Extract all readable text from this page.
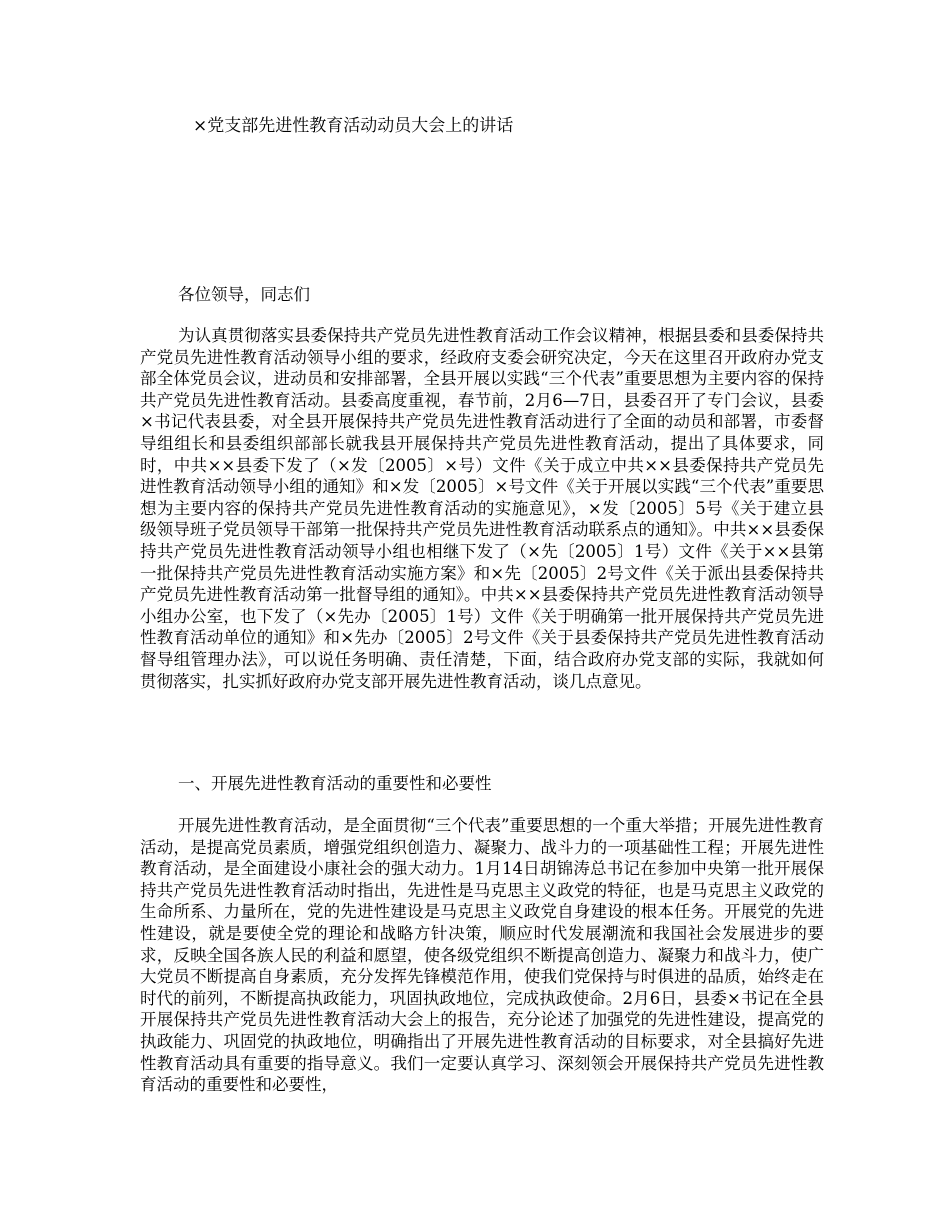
×党支部先进性教育活动动员大会上的讲话

各位领导，同志们

为认真贯彻落实县委保持共产党员先进性教育活动工作会议精神，根据县委和县委保持共产党员先进性教育活动领导小组的要求，经政府支委会研究决定，今天在这里召开政府办党支部全体党员会议，进动员和安排部署，全县开展以实践“三个代表”重要思想为主要内容的保持共产党员先进性教育活动。县委高度重视，春节前，2月6—7日，县委召开了专门会议，县委×书记代表县委，对全县开展保持共产党员先进性教育活动进行了全面的动员和部署，市委督导组组长和县委组织部部长就我县开展保持共产党员先进性教育活动，提出了具体要求，同时，中共××县委下发了（×发〔2005〕×号）文件《关于成立中共××县委保持共产党员先进性教育活动领导小组的通知》和×发〔2005〕×号文件《关于开展以实践“三个代表”重要思想为主要内容的保持共产党员先进性教育活动的实施意见》，×发〔2005〕5号《关于建立县级领导班子党员领导干部第一批保持共产党员先进性教育活动联系点的通知》。中共××县委保持共产党员先进性教育活动领导小组也相继下发了（×先〔2005〕1号）文件《关于××县第一批保持共产党员先进性教育活动实施方案》和×先〔2005〕2号文件《关于派出县委保持共产党员先进性教育活动第一批督导组的通知》。中共××县委保持共产党员先进性教育活动领导小组办公室，也下发了（×先办〔2005〕1号）文件《关于明确第一批开展保持共产党员先进性教育活动单位的通知》和×先办〔2005〕2号文件《关于县委保持共产党员先进性教育活动督导组管理办法》，可以说任务明确、责任清楚，下面，结合政府办党支部的实际，我就如何贯彻落实，扎实抓好政府办党支部开展先进性教育活动，谈几点意见。

一、开展先进性教育活动的重要性和必要性

开展先进性教育活动，是全面贯彻“三个代表”重要思想的一个重大举措；开展先进性教育活动，是提高党员素质，增强党组织创造力、凝聚力、战斗力的一项基础性工程；开展先进性教育活动，是全面建设小康社会的强大动力。1月14日胡锦涛总书记在参加中央第一批开展保持共产党员先进性教育活动时指出，先进性是马克思主义政党的特征，也是马克思主义政党的生命所系、力量所在，党的先进性建设是马克思主义政党自身建设的根本任务。开展党的先进性建设，就是要使全党的理论和战略方针决策，顺应时代发展潮流和我国社会发展进步的要求，反映全国各族人民的利益和愿望，使各级党组织不断提高创造力、凝聚力和战斗力，使广大党员不断提高自身素质，充分发挥先锋模范作用，使我们党保持与时俱进的品质，始终走在时代的前列，不断提高执政能力，巩固执政地位，完成执政使命。2月6日，县委×书记在全县开展保持共产党员先进性教育活动大会上的报告，充分论述了加强党的先进性建设，提高党的执政能力、巩固党的执政地位，明确指出了开展先进性教育活动的目标要求，对全县搞好先进性教育活动具有重要的指导意义。我们一定要认真学习、深刻领会开展保持共产党员先进性教育活动的重要性和必要性，
